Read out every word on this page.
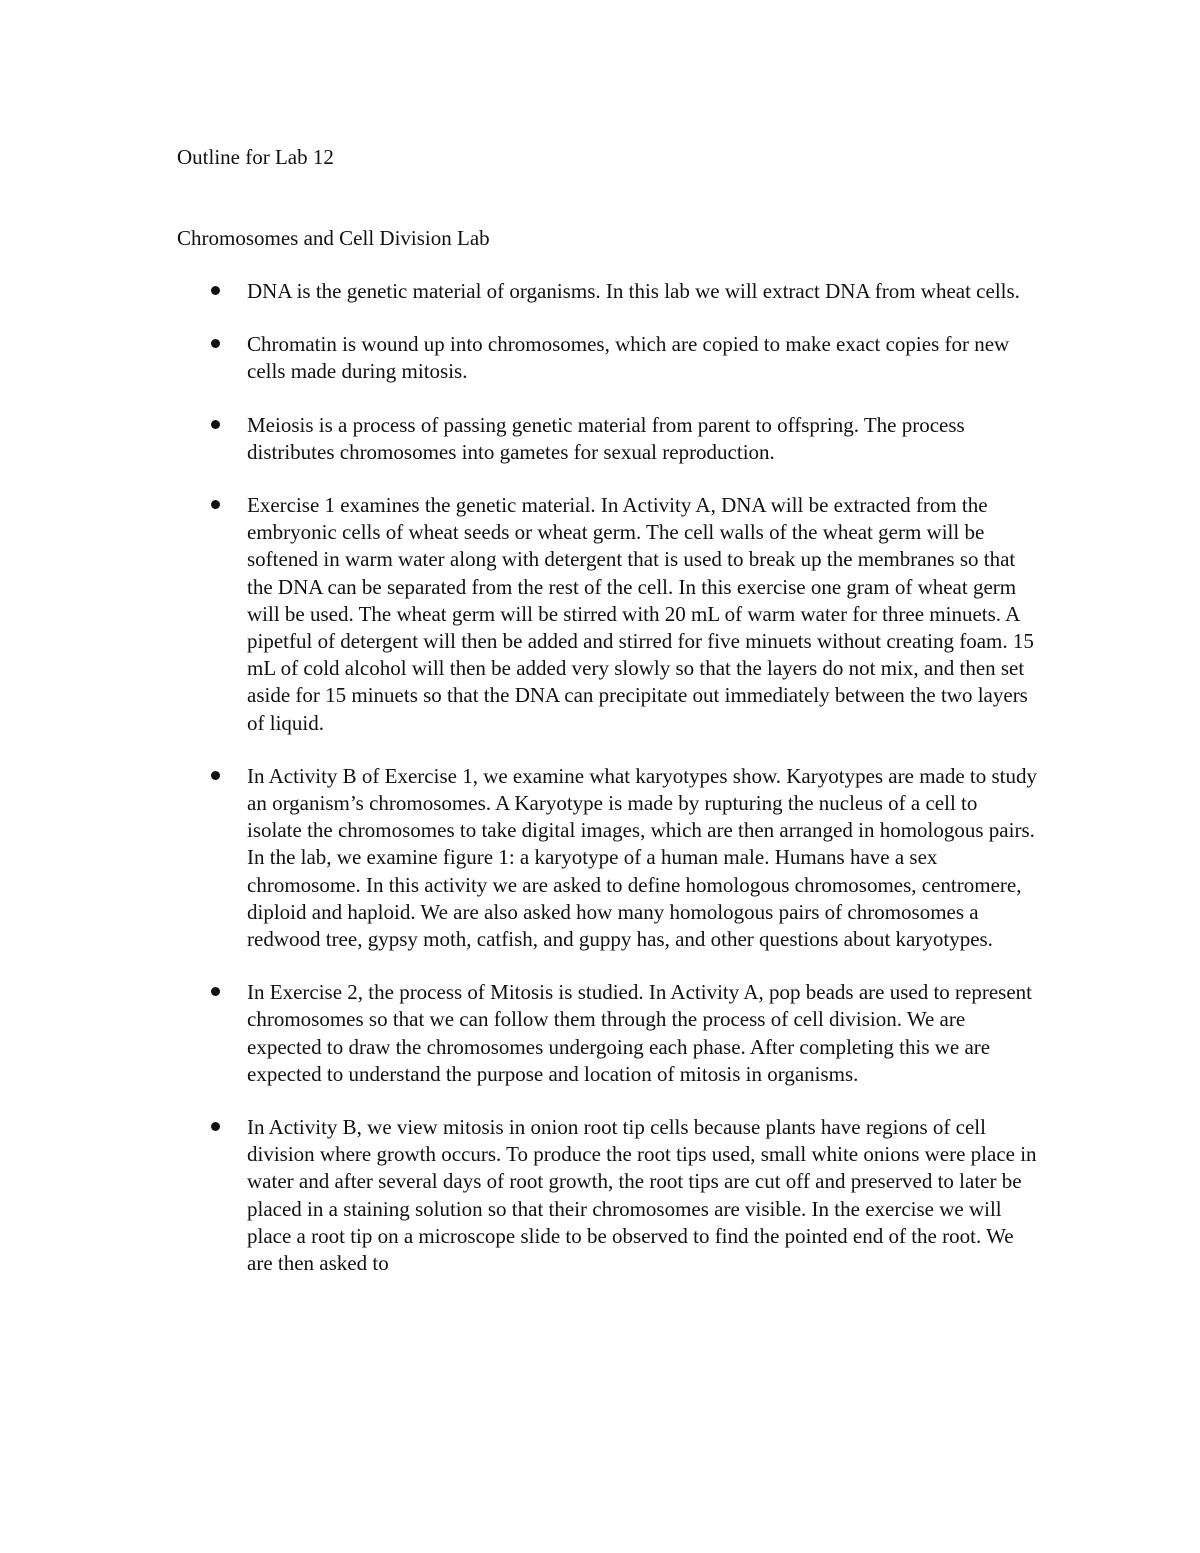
Outline for Lab 12
Chromosomes and Cell Division Lab
DNA is the genetic material of organisms. In this lab we will extract DNA from wheat cells.
Chromatin is wound up into chromosomes, which are copied to make exact copies for new cells made during mitosis.
Meiosis is a process of passing genetic material from parent to offspring. The process distributes chromosomes into gametes for sexual reproduction.
Exercise 1 examines the genetic material. In Activity A, DNA will be extracted from the embryonic cells of wheat seeds or wheat germ. The cell walls of the wheat germ will be softened in warm water along with detergent that is used to break up the membranes so that the DNA can be separated from the rest of the cell. In this exercise one gram of wheat germ will be used. The wheat germ will be stirred with 20 mL of warm water for three minuets. A pipetful of detergent will then be added and stirred for five minuets without creating foam. 15 mL of cold alcohol will then be added very slowly so that the layers do not mix, and then set aside for 15 minuets so that the DNA can precipitate out immediately between the two layers of liquid.
In Activity B of Exercise 1, we examine what karyotypes show. Karyotypes are made to study an organism’s chromosomes. A Karyotype is made by rupturing the nucleus of a cell to isolate the chromosomes to take digital images, which are then arranged in homologous pairs. In the lab, we examine figure 1: a karyotype of a human male. Humans have a sex chromosome. In this activity we are asked to define homologous chromosomes, centromere, diploid and haploid. We are also asked how many homologous pairs of chromosomes a redwood tree, gypsy moth, catfish, and guppy has, and other questions about karyotypes.
In Exercise 2, the process of Mitosis is studied. In Activity A, pop beads are used to represent chromosomes so that we can follow them through the process of cell division. We are expected to draw the chromosomes undergoing each phase. After completing this we are expected to understand the purpose and location of mitosis in organisms.
In Activity B, we view mitosis in onion root tip cells because plants have regions of cell division where growth occurs. To produce the root tips used, small white onions were place in water and after several days of root growth, the root tips are cut off and preserved to later be placed in a staining solution so that their chromosomes are visible. In the exercise we will place a root tip on a microscope slide to be observed to find the pointed end of the root. We are then asked to
